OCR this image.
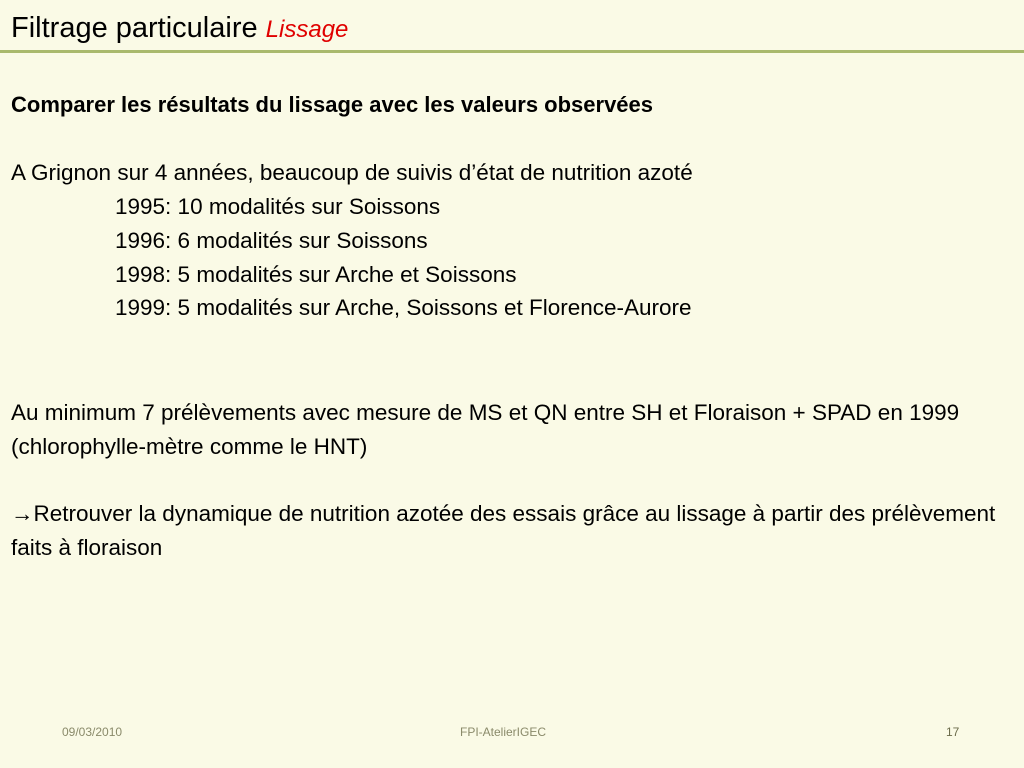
Filtrage particulaire Lissage
Comparer les résultats du lissage avec les valeurs observées
A Grignon sur 4 années, beaucoup de suivis d’état de nutrition azoté
1995: 10 modalités sur Soissons
1996: 6 modalités sur Soissons
1998: 5 modalités sur Arche et Soissons
1999: 5 modalités sur Arche, Soissons et Florence-Aurore
Au minimum 7 prélèvements avec mesure de MS et QN entre SH et Floraison + SPAD en 1999 (chlorophylle-mètre comme le HNT)
→Retrouver la dynamique de nutrition azotée des essais grâce au lissage à partir des prélèvement faits à floraison
09/03/2010	FPI-AtelierIGEC	17
